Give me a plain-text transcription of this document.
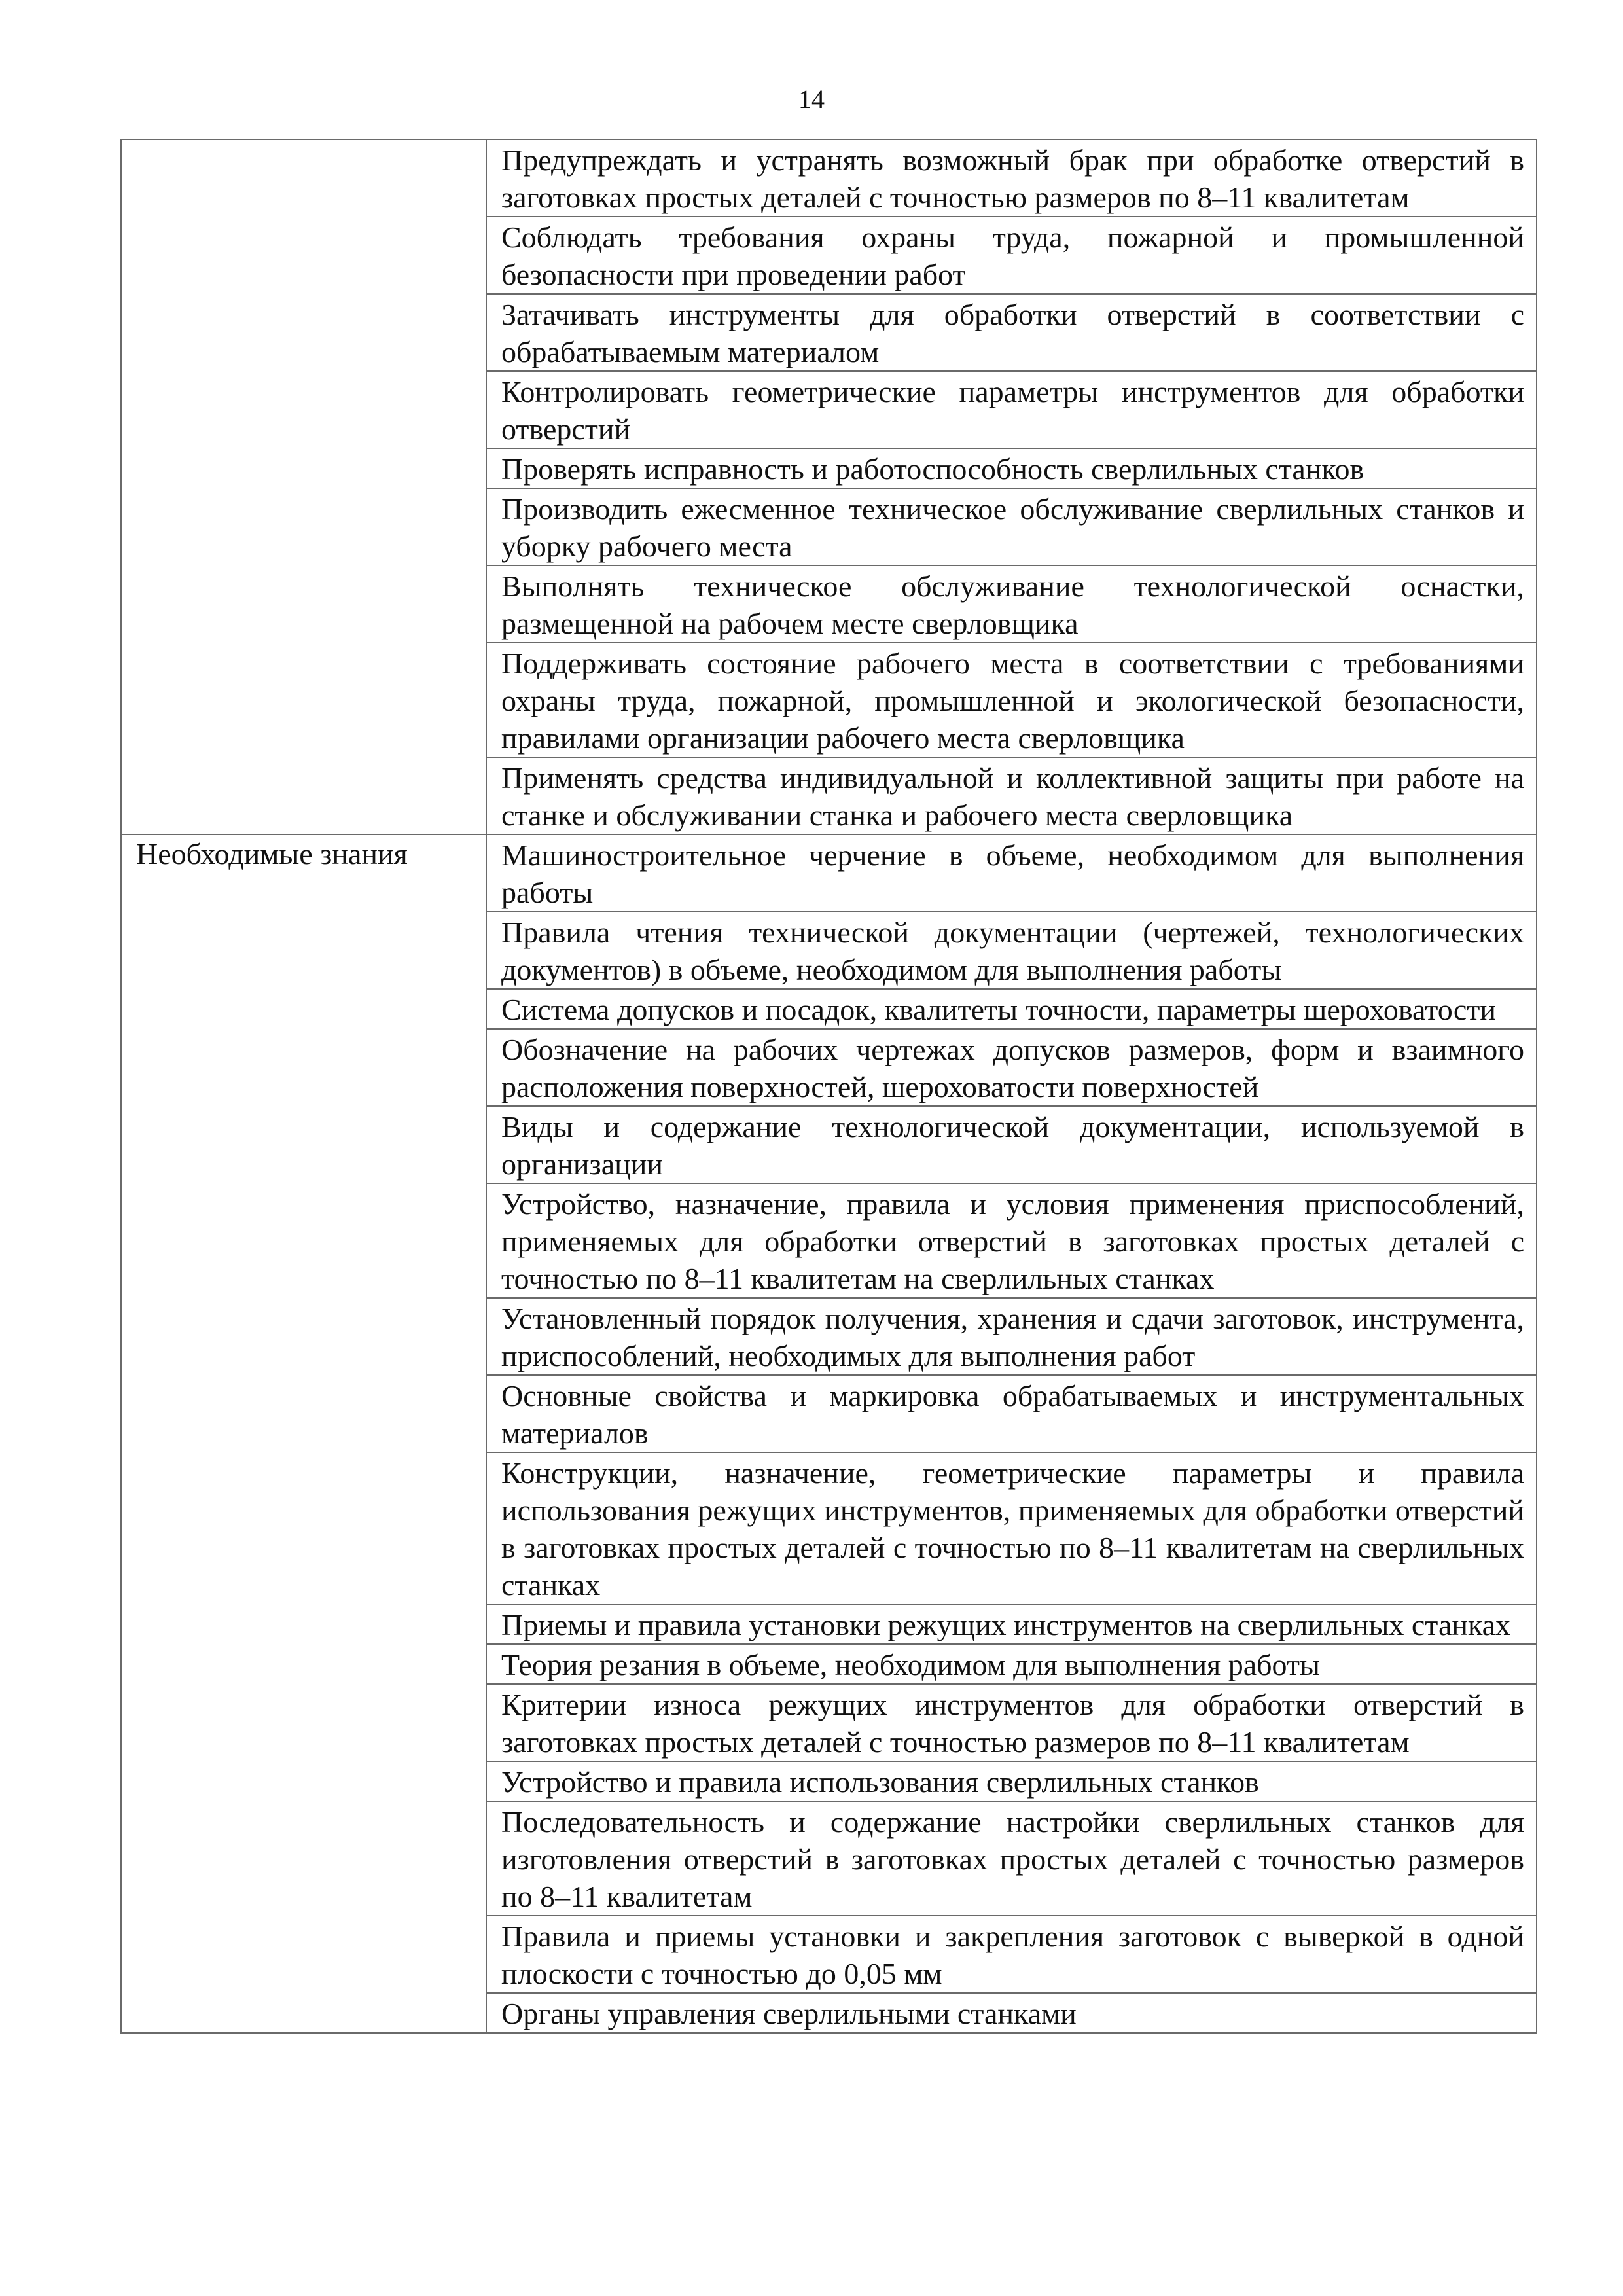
14
	Предупреждать и устранять возможный брак при обработке отверстий в заготовках простых деталей с точностью размеров по 8–11 квалитетам
	Соблюдать требования охраны труда, пожарной и промышленной безопасности при проведении работ
	Затачивать инструменты для обработки отверстий в соответствии с обрабатываемым материалом
	Контролировать геометрические параметры инструментов для обработки отверстий
	Проверять исправность и работоспособность сверлильных станков
	Производить ежесменное техническое обслуживание сверлильных станков и уборку рабочего места
	Выполнять техническое обслуживание технологической оснастки, размещенной на рабочем месте сверловщика
	Поддерживать состояние рабочего места в соответствии с требованиями охраны труда, пожарной, промышленной и экологической безопасности, правилами организации рабочего места сверловщика
	Применять средства индивидуальной и коллективной защиты при работе на станке и обслуживании станка и рабочего места сверловщика
Необходимые знания	Машиностроительное черчение в объеме, необходимом для выполнения работы
	Правила чтения технической документации (чертежей, технологических документов) в объеме, необходимом для выполнения работы
	Система допусков и посадок, квалитеты точности, параметры шероховатости
	Обозначение на рабочих чертежах допусков размеров, форм и взаимного расположения поверхностей, шероховатости поверхностей
	Виды и содержание технологической документации, используемой в организации
	Устройство, назначение, правила и условия применения приспособлений, применяемых для обработки отверстий в заготовках простых деталей с точностью по 8–11 квалитетам на сверлильных станках
	Установленный порядок получения, хранения и сдачи заготовок, инструмента, приспособлений, необходимых для выполнения работ
	Основные свойства и маркировка обрабатываемых и инструментальных материалов
	Конструкции, назначение, геометрические параметры и правила использования режущих инструментов, применяемых для обработки отверстий в заготовках простых деталей с точностью по 8–11 квалитетам на сверлильных станках
	Приемы и правила установки режущих инструментов на сверлильных станках
	Теория резания в объеме, необходимом для выполнения работы
	Критерии износа режущих инструментов для обработки отверстий в заготовках простых деталей с точностью размеров по 8–11 квалитетам
	Устройство и правила использования сверлильных станков
	Последовательность и содержание настройки сверлильных станков для изготовления отверстий в заготовках простых деталей с точностью размеров по 8–11 квалитетам
	Правила и приемы установки и закрепления заготовок с выверкой в одной плоскости с точностью до 0,05 мм
	Органы управления сверлильными станками
